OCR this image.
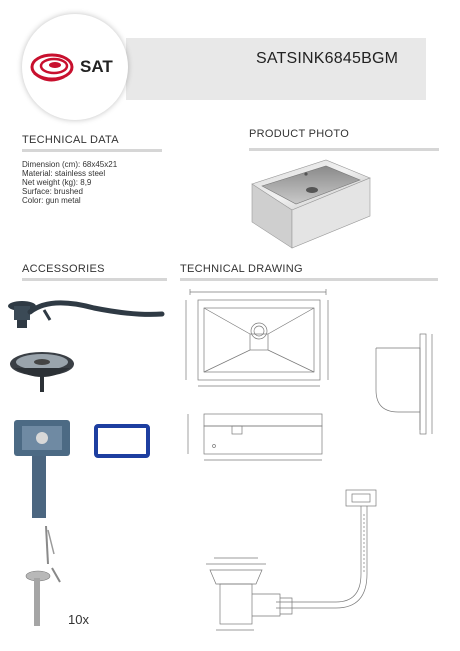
SAT	SATSINK6845BGM
TECHNICAL DATA
Dimension (cm): 68x45x21
Material: stainless steel
Net weight (kg): 8,9
Surface: brushed
Color: gun metal
PRODUCT PHOTO
ACCESSORIES
10x
TECHNICAL DRAWING
